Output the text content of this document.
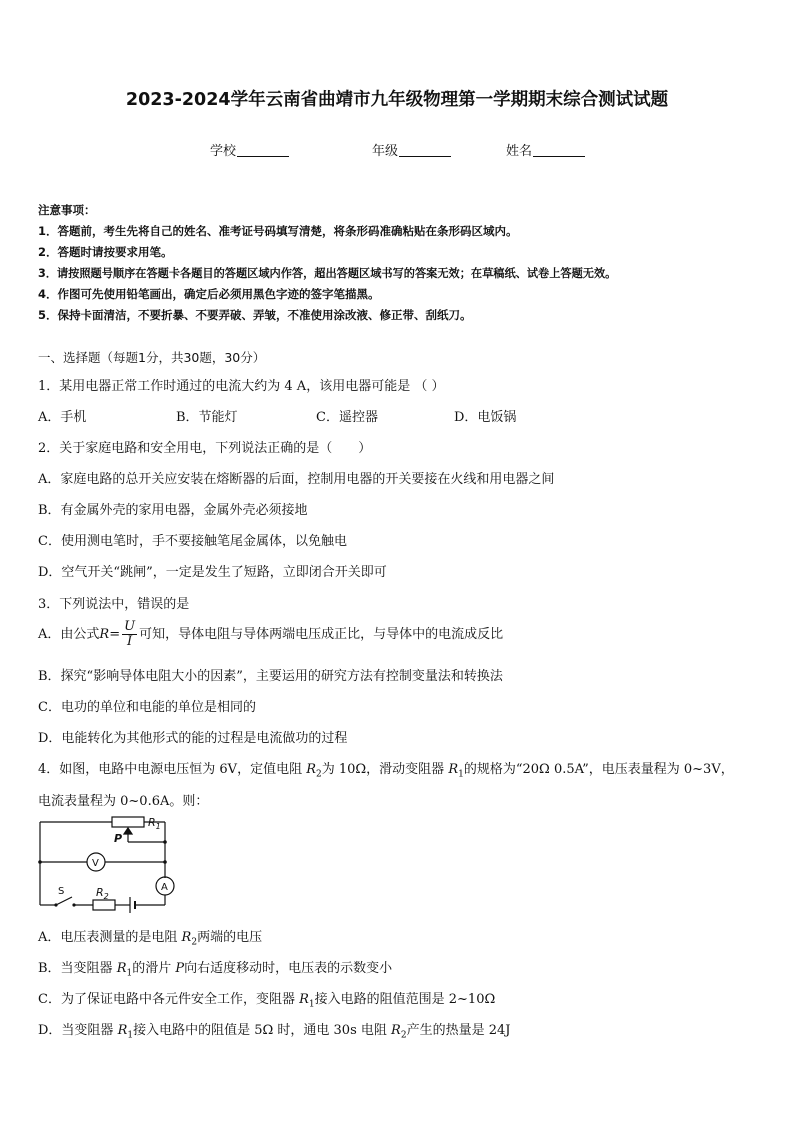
2023-2024学年云南省曲靖市九年级物理第一学期期末综合测试试题
学校	年级	姓名
注意事项：
1．答题前，考生先将自己的姓名、准考证号码填写清楚，将条形码准确粘贴在条形码区域内。
2．答题时请按要求用笔。
3．请按照题号顺序在答题卡各题目的答题区域内作答，超出答题区域书写的答案无效；在草稿纸、试卷上答题无效。
4．作图可先使用铅笔画出，确定后必须用黑色字迹的签字笔描黑。
5．保持卡面清洁，不要折暴、不要弄破、弄皱，不准使用涂改液、修正带、刮纸刀。
一、选择题（每题1分，共30题，30分）
1．某用电器正常工作时通过的电流大约为 4 A，该用电器可能是 （ ）
A．手机	B．节能灯	C．遥控器	D．电饭锅
2．关于家庭电路和安全用电，下列说法正确的是（　　）
A．家庭电路的总开关应安装在熔断器的后面，控制用电器的开关要接在火线和用电器之间
B．有金属外壳的家用电器，金属外壳必须接地
C．使用测电笔时，手不要接触笔尾金属体，以免触电
D．空气开关“跳闸”，一定是发生了短路，立即闭合开关即可
3．下列说法中，错误的是
A．由公式$R= \frac{U}{I}$ 可知，导体电阻与导体两端电压成正比，与导体中的电流成反比
B．探究“影响导体电阻大小的因素”，主要运用的研究方法有控制变量法和转换法
C．电功的单位和电能的单位是相同的
D．电能转化为其他形式的能的过程是电流做功的过程
4．如图，电路中电源电压恒为 6V，定值电阻 $R_2$为 10Ω，滑动变阻器 $R_1$的规格为“20Ω 0.5A”，电压表量程为 0~3V，
电流表量程为 0~0.6A。则：
P
$R_1$
V
A
S	$R_2$
A．电压表测量的是电阻 $R_2$两端的电压
B．当变阻器 $R_1$的滑片 P向右适度移动时，电压表的示数变小
C．为了保证电路中各元件安全工作，变阻器 $R_1$接入电路的阻值范围是 2~10Ω
D．当变阻器 $R_1$接入电路中的阻值是 5Ω 时，通电 30s 电阻 $R_2$产生的热量是 24J
